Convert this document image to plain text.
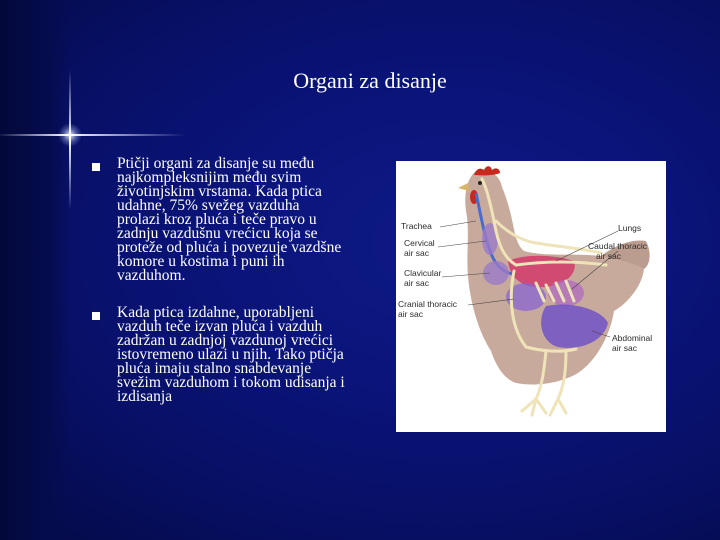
Organi za disanje
Ptičji organi za disanje su među
najkompleksnijim među svim
životinjskim vrstama. Kada ptica
udahne, 75% svežeg vazduha
prolazi kroz pluća i teče pravo u
zadnju vazdušnu vrećicu koja se
proteže od pluća i povezuje vazdšne
komore u kostima i puni ih
vazduhom.
Kada ptica izdahne, uporabljeni
vazduh teče izvan pluća i vazduh
zadržan u zadnjoj vazdunoj vrećici
istovremeno ulazi u njih. Tako ptičja
pluća imaju stalno snabdevanje
svežim vazduhom i tokom udisanja i
izdisanja
Trachea
Cervical
air sac
Clavicular
air sac
Cranial thoracic
air sac
Lungs
Caudal thoracic
air sac
Abdominal
air sac
